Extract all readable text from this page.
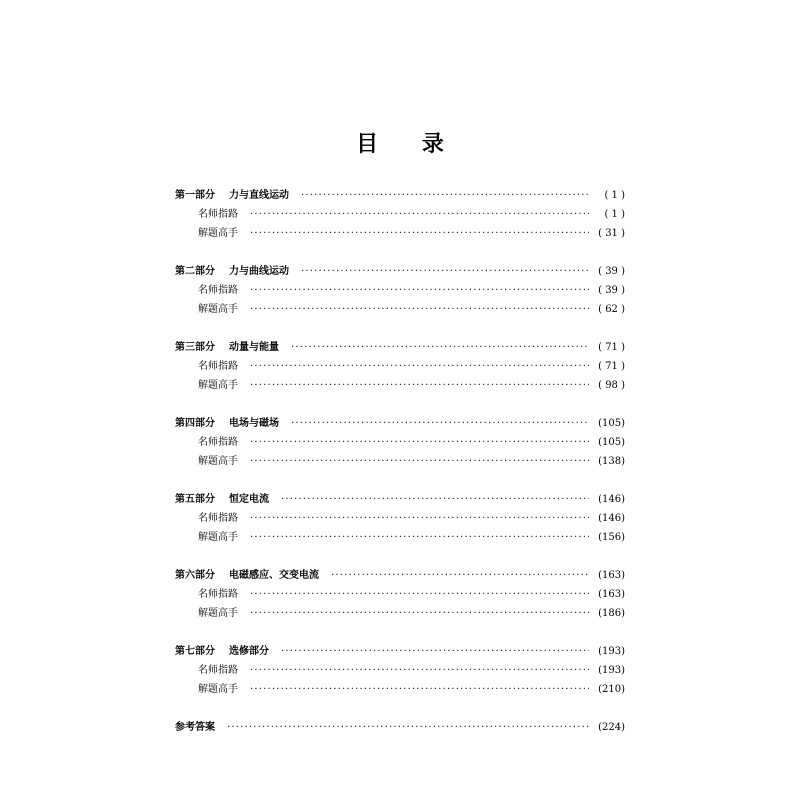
目 录
第一部分 力与直线运动 ·····	( 1 )
名师指路 ·····	( 1 )
解题高手 ·····	( 31 )
第二部分 力与曲线运动 ·····	( 39 )
名师指路 ·····	( 39 )
解题高手 ·····	( 62 )
第三部分 动量与能量 ·····	( 71 )
名师指路 ·····	( 71 )
解题高手 ·····	( 98 )
第四部分 电场与磁场 ·····	(105)
名师指路 ·····	(105)
解题高手 ·····	(138)
第五部分 恒定电流 ·····	(146)
名师指路 ·····	(146)
解题高手 ·····	(156)
第六部分 电磁感应、交变电流 ·····	(163)
名师指路 ·····	(163)
解题高手 ·····	(186)
第七部分 选修部分 ·····	(193)
名师指路 ·····	(193)
解题高手 ·····	(210)
参考答案 ·····	(224)
